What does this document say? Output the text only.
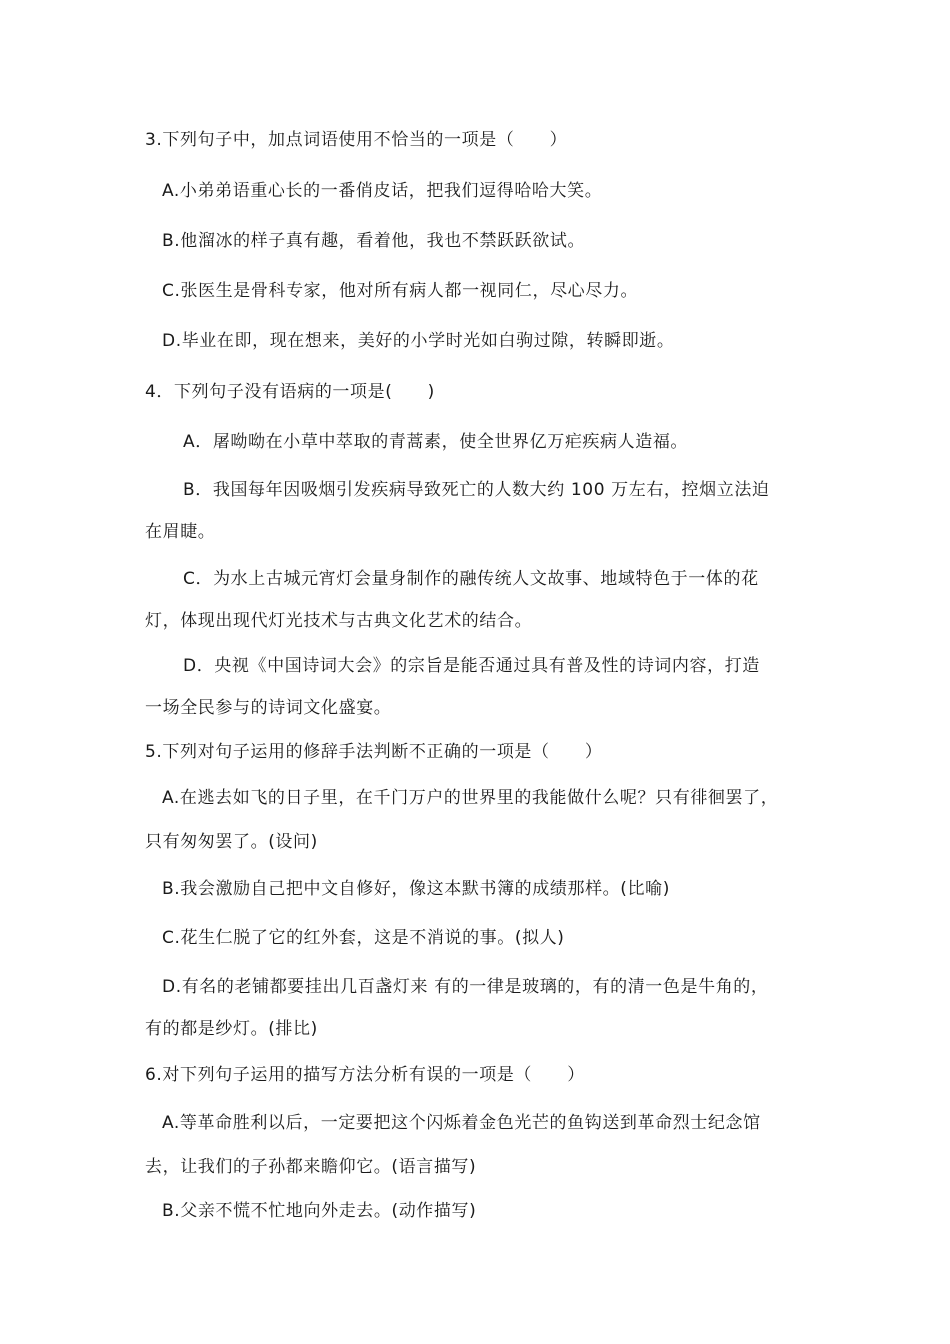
3.下列句子中，加点词语使用不恰当的一项是（　　）
A.小弟弟语重心长的一番俏皮话，把我们逗得哈哈大笑。
B.他溜冰的样子真有趣，看着他，我也不禁跃跃欲试。
C.张医生是骨科专家，他对所有病人都一视同仁，尽心尽力。
D.毕业在即，现在想来，美好的小学时光如白驹过隙，转瞬即逝。
4．下列句子没有语病的一项是(　　)
A．屠呦呦在小草中萃取的青蒿素，使全世界亿万疟疾病人造福。
B．我国每年因吸烟引发疾病导致死亡的人数大约 100 万左右，控烟立法迫
在眉睫。
C．为水上古城元宵灯会量身制作的融传统人文故事、地域特色于一体的花
灯，体现出现代灯光技术与古典文化艺术的结合。
D．央视《中国诗词大会》的宗旨是能否通过具有普及性的诗词内容，打造
一场全民参与的诗词文化盛宴。
5.下列对句子运用的修辞手法判断不正确的一项是（　　）
A.在逃去如飞的日子里，在千门万户的世界里的我能做什么呢？只有徘徊罢了，
只有匆匆罢了。(设问)
B.我会激励自己把中文自修好，像这本默书簿的成绩那样。(比喻)
C.花生仁脱了它的红外套，这是不消说的事。(拟人)
D.有名的老铺都要挂出几百盏灯来 有的一律是玻璃的，有的清一色是牛角的，
有的都是纱灯。(排比)
6.对下列句子运用的描写方法分析有误的一项是（　　）
A.等革命胜利以后，一定要把这个闪烁着金色光芒的鱼钩送到革命烈士纪念馆
去，让我们的子孙都来瞻仰它。(语言描写)
B.父亲不慌不忙地向外走去。(动作描写)
